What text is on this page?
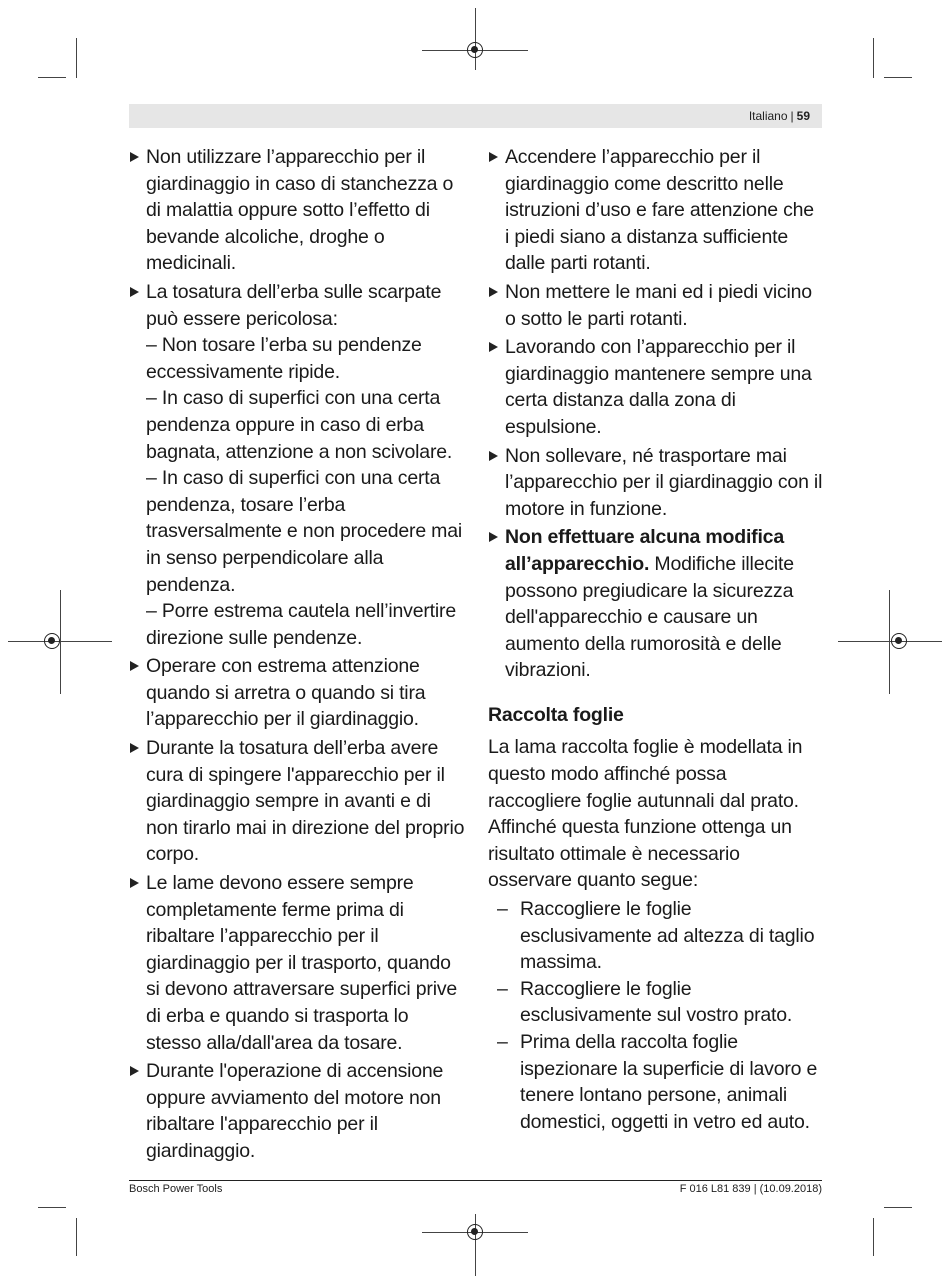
Italiano | 59
Non utilizzare l’apparecchio per il giardinaggio in caso di stanchezza o di malattia oppure sotto l’effetto di bevande alcoliche, droghe o medicinali.
La tosatura dell’erba sulle scarpate può essere pericolosa:
– Non tosare l’erba su pendenze eccessivamente ripide.
– In caso di superfici con una certa pendenza oppure in caso di erba bagnata, attenzione a non scivolare.
– In caso di superfici con una certa pendenza, tosare l’erba trasversalmente e non procedere mai in senso perpendicolare alla pendenza.
– Porre estrema cautela nell’invertire direzione sulle pendenze.
Operare con estrema attenzione quando si arretra o quando si tira l’apparecchio per il giardinaggio.
Durante la tosatura dell’erba avere cura di spingere l'apparecchio per il giardinaggio sempre in avanti e di non tirarlo mai in direzione del proprio corpo.
Le lame devono essere sempre completamente ferme prima di ribaltare l’apparecchio per il giardinaggio per il trasporto, quando si devono attraversare superfici prive di erba e quando si trasporta lo stesso alla/dall'area da tosare.
Durante l'operazione di accensione oppure avviamento del motore non ribaltare l'apparecchio per il giardinaggio.
Accendere l’apparecchio per il giardinaggio come descritto nelle istruzioni d’uso e fare attenzione che i piedi siano a distanza sufficiente dalle parti rotanti.
Non mettere le mani ed i piedi vicino o sotto le parti rotanti.
Lavorando con l’apparecchio per il giardinaggio mantenere sempre una certa distanza dalla zona di espulsione.
Non sollevare, né trasportare mai l’apparecchio per il giardinaggio con il motore in funzione.
Non effettuare alcuna modifica all’apparecchio. Modifiche illecite possono pregiudicare la sicurezza dell'apparecchio e causare un aumento della rumorosità e delle vibrazioni.
Raccolta foglie
La lama raccolta foglie è modellata in questo modo affinché possa raccogliere foglie autunnali dal prato. Affinché questa funzione ottenga un risultato ottimale è necessario osservare quanto segue:
– Raccogliere le foglie esclusivamente ad altezza di taglio massima.
– Raccogliere le foglie esclusivamente sul vostro prato.
– Prima della raccolta foglie ispezionare la superficie di lavoro e tenere lontano persone, animali domestici, oggetti in vetro ed auto.
Bosch Power Tools	F 016 L81 839 | (10.09.2018)
